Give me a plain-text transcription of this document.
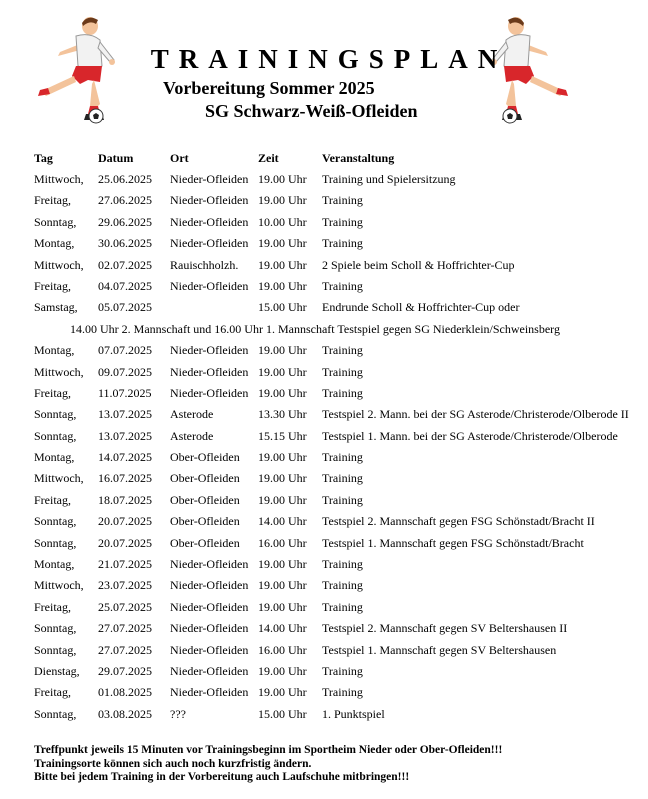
TRAININGSPLAN
Vorbereitung Sommer 2025
SG Schwarz-Weiß-Ofleiden
Tag	Datum	Ort	Zeit	Veranstaltung
Mittwoch, 25.06.2025 Nieder-Ofleiden 19.00 Uhr Training und Spielersitzung
Freitag, 27.06.2025 Nieder-Ofleiden 19.00 Uhr Training
Sonntag, 29.06.2025 Nieder-Ofleiden 10.00 Uhr Training
Montag, 30.06.2025 Nieder-Ofleiden 19.00 Uhr Training
Mittwoch, 02.07.2025 Rauischholzh. 19.00 Uhr 2 Spiele beim Scholl & Hoffrichter-Cup
Freitag, 04.07.2025 Nieder-Ofleiden 19.00 Uhr Training
Samstag, 05.07.2025	15.00 Uhr Endrunde Scholl & Hoffrichter-Cup oder
14.00 Uhr 2. Mannschaft und 16.00 Uhr 1. Mannschaft Testspiel gegen SG Niederklein/Schweinsberg
Montag, 07.07.2025 Nieder-Ofleiden 19.00 Uhr Training
Mittwoch, 09.07.2025 Nieder-Ofleiden 19.00 Uhr Training
Freitag, 11.07.2025 Nieder-Ofleiden 19.00 Uhr Training
Sonntag, 13.07.2025 Asterode	13.30 Uhr Testspiel 2. Mann. bei der SG Asterode/Christerode/Olberode II
Sonntag, 13.07.2025 Asterode	15.15 Uhr Testspiel 1. Mann. bei der SG Asterode/Christerode/Olberode
Montag, 14.07.2025 Ober-Ofleiden 19.00 Uhr Training
Mittwoch, 16.07.2025 Ober-Ofleiden 19.00 Uhr Training
Freitag, 18.07.2025 Ober-Ofleiden 19.00 Uhr Training
Sonntag, 20.07.2025 Ober-Ofleiden 14.00 Uhr Testspiel 2. Mannschaft gegen FSG Schönstadt/Bracht II
Sonntag, 20.07.2025 Ober-Ofleiden 16.00 Uhr Testspiel 1. Mannschaft gegen FSG Schönstadt/Bracht
Montag, 21.07.2025 Nieder-Ofleiden 19.00 Uhr Training
Mittwoch, 23.07.2025 Nieder-Ofleiden 19.00 Uhr Training
Freitag, 25.07.2025 Nieder-Ofleiden 19.00 Uhr Training
Sonntag, 27.07.2025 Nieder-Ofleiden 14.00 Uhr Testspiel 2. Mannschaft gegen SV Beltershausen II
Sonntag, 27.07.2025 Nieder-Ofleiden 16.00 Uhr Testspiel 1. Mannschaft gegen SV Beltershausen
Dienstag, 29.07.2025 Nieder-Ofleiden 19.00 Uhr Training
Freitag, 01.08.2025 Nieder-Ofleiden 19.00 Uhr Training
Sonntag, 03.08.2025 ???	15.00 Uhr 1. Punktspiel
Treffpunkt jeweils 15 Minuten vor Trainingsbeginn im Sportheim Nieder oder Ober-Ofleiden!!!
Trainingsorte können sich auch noch kurzfristig ändern.
Bitte bei jedem Training in der Vorbereitung auch Laufschuhe mitbringen!!!
